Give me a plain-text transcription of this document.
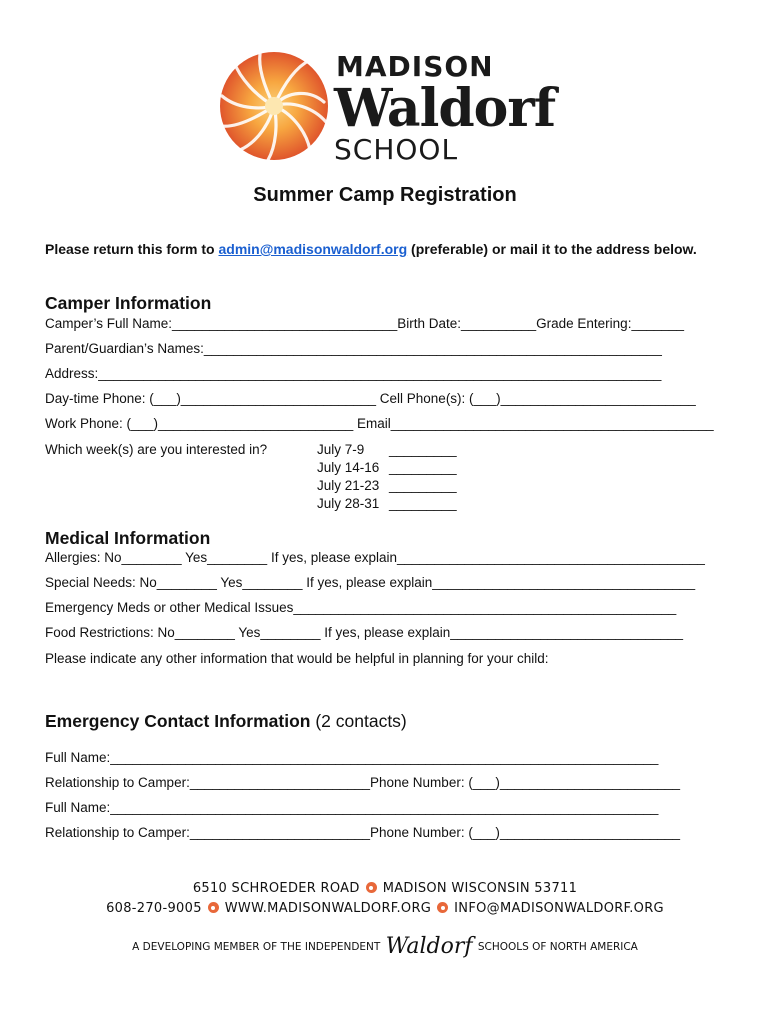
MADISON
Waldorf
SCHOOL
Summer Camp Registration
Please return this form to admin@madisonwaldorf.org (preferable) or mail it to the address below.
Camper Information
Camper’s Full Name:______________________________Birth Date:__________Grade Entering:_______
Parent/Guardian’s Names:_____________________________________________________________
Address:___________________________________________________________________________
Day-time Phone: (___)__________________________ Cell Phone(s): (___)__________________________
Work Phone: (___)__________________________ Email___________________________________________
Which week(s) are you interested in?	July 7-9 _________
July 14-16 _________
July 21-23 _________
July 28-31 _________
Medical Information
Allergies: No________ Yes________ If yes, please explain_________________________________________
Special Needs: No________ Yes________ If yes, please explain___________________________________
Emergency Meds or other Medical Issues___________________________________________________
Food Restrictions: No________ Yes________ If yes, please explain_______________________________
Please indicate any other information that would be helpful in planning for your child:
Emergency Contact Information (2 contacts)
Full Name:_________________________________________________________________________
Relationship to Camper:________________________Phone Number: (___)________________________
Full Name:_________________________________________________________________________
Relationship to Camper:________________________Phone Number: (___)________________________
6510 SCHROEDER ROAD MADISON WISCONSIN 53711
608-270-9005 WWW.MADISONWALDORF.ORG INFO@MADISONWALDORF.ORG
A DEVELOPING MEMBER OF THE INDEPENDENT Waldorf SCHOOLS OF NORTH AMERICA
